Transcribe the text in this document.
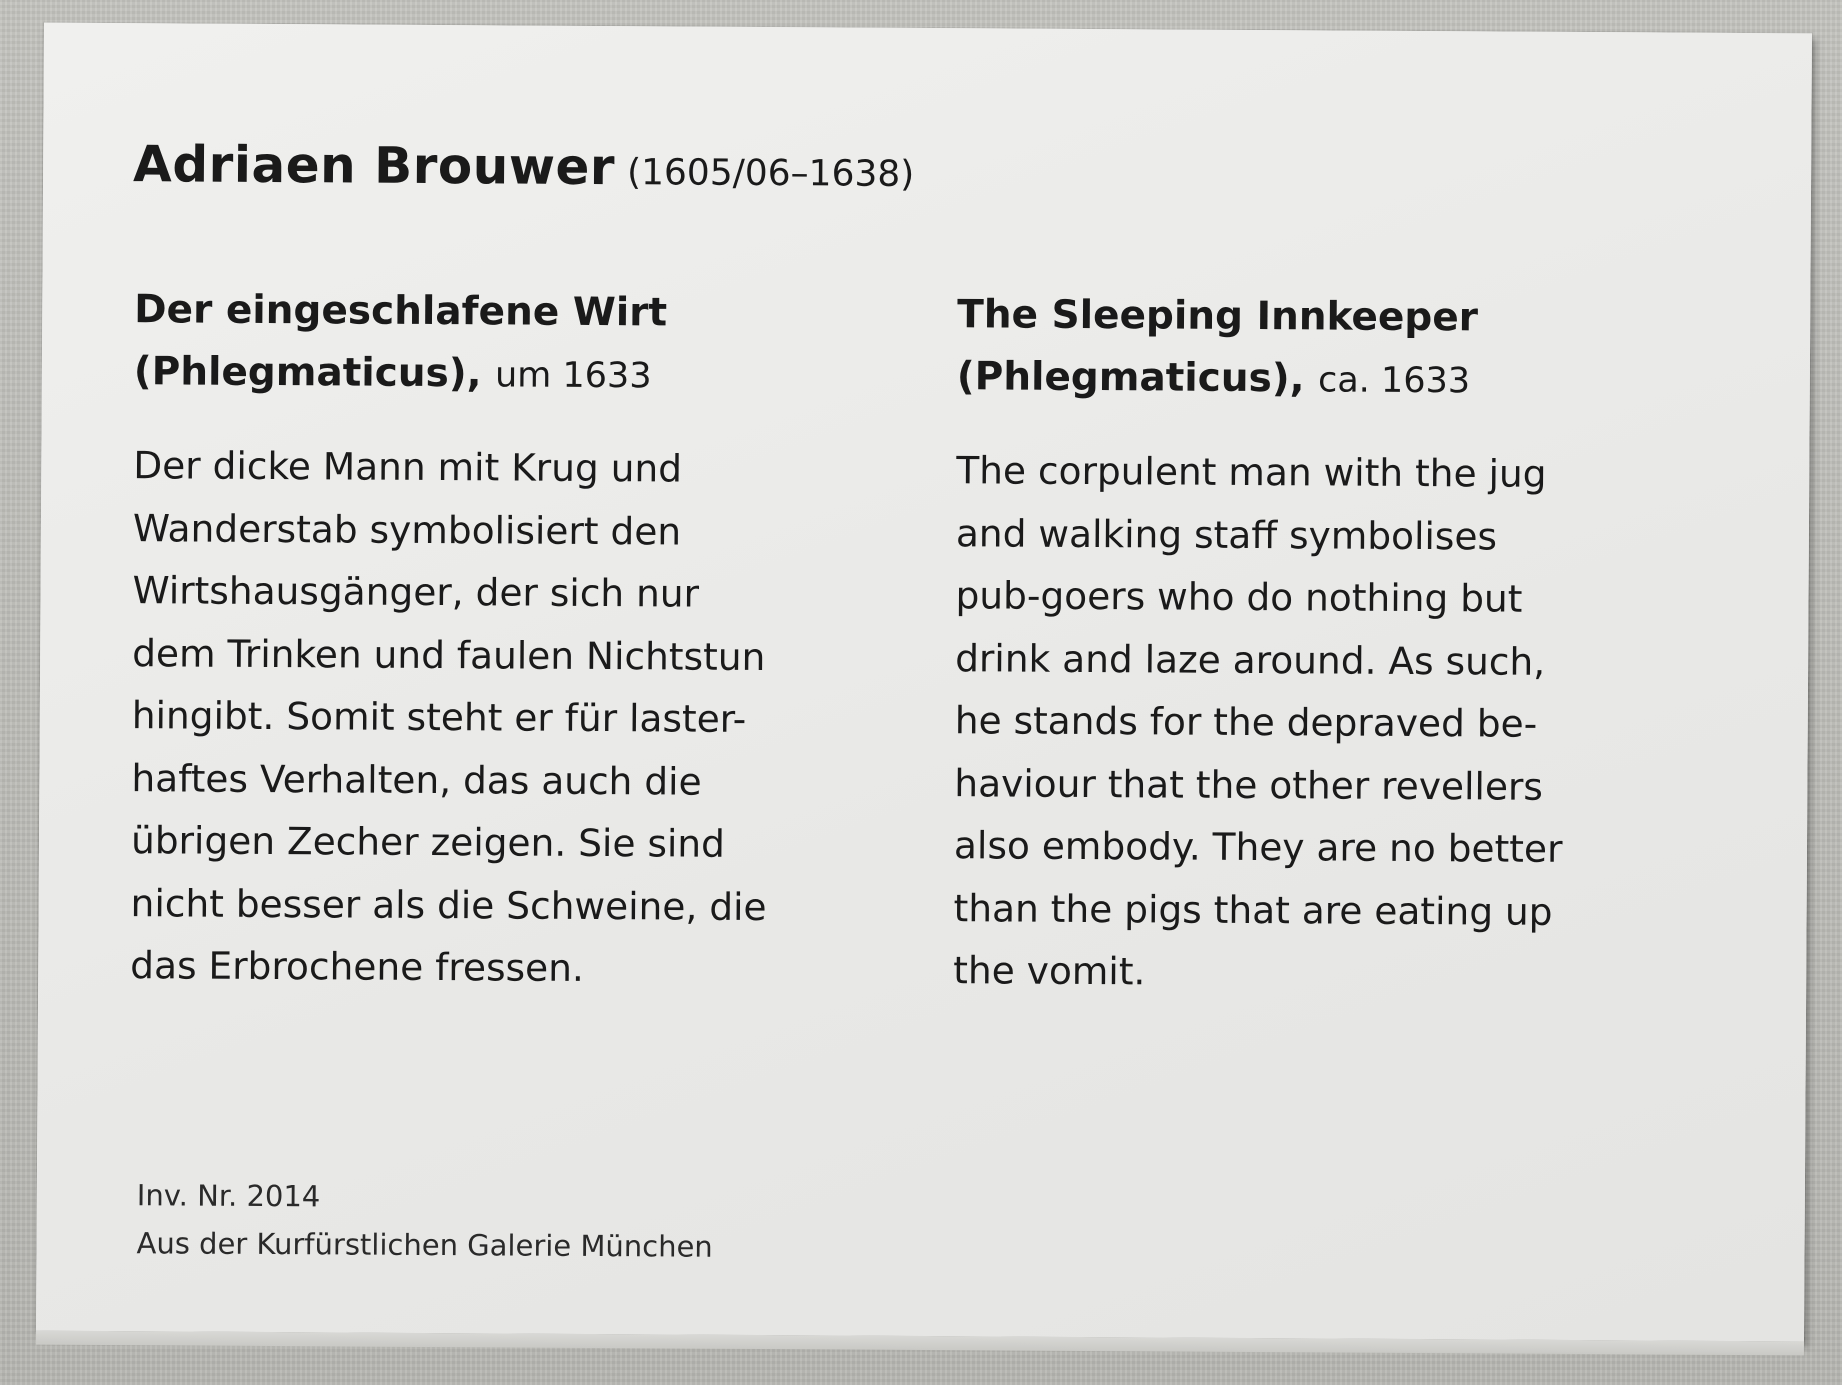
Adriaen Brouwer (1605/06–1638)
Der eingeschlafene Wirt
(Phlegmaticus), um 1633
Der dicke Mann mit Krug und
Wanderstab symbolisiert den
Wirtshausgänger, der sich nur
dem Trinken und faulen Nichtstun
hingibt. Somit steht er für laster-
haftes Verhalten, das auch die
übrigen Zecher zeigen. Sie sind
nicht besser als die Schweine, die
das Erbrochene fressen.
The Sleeping Innkeeper
(Phlegmaticus), ca. 1633
The corpulent man with the jug
and walking staff symbolises
pub-goers who do nothing but
drink and laze around. As such,
he stands for the depraved be-
haviour that the other revellers
also embody. They are no better
than the pigs that are eating up
the vomit.
Inv. Nr. 2014
Aus der Kurfürstlichen Galerie München
